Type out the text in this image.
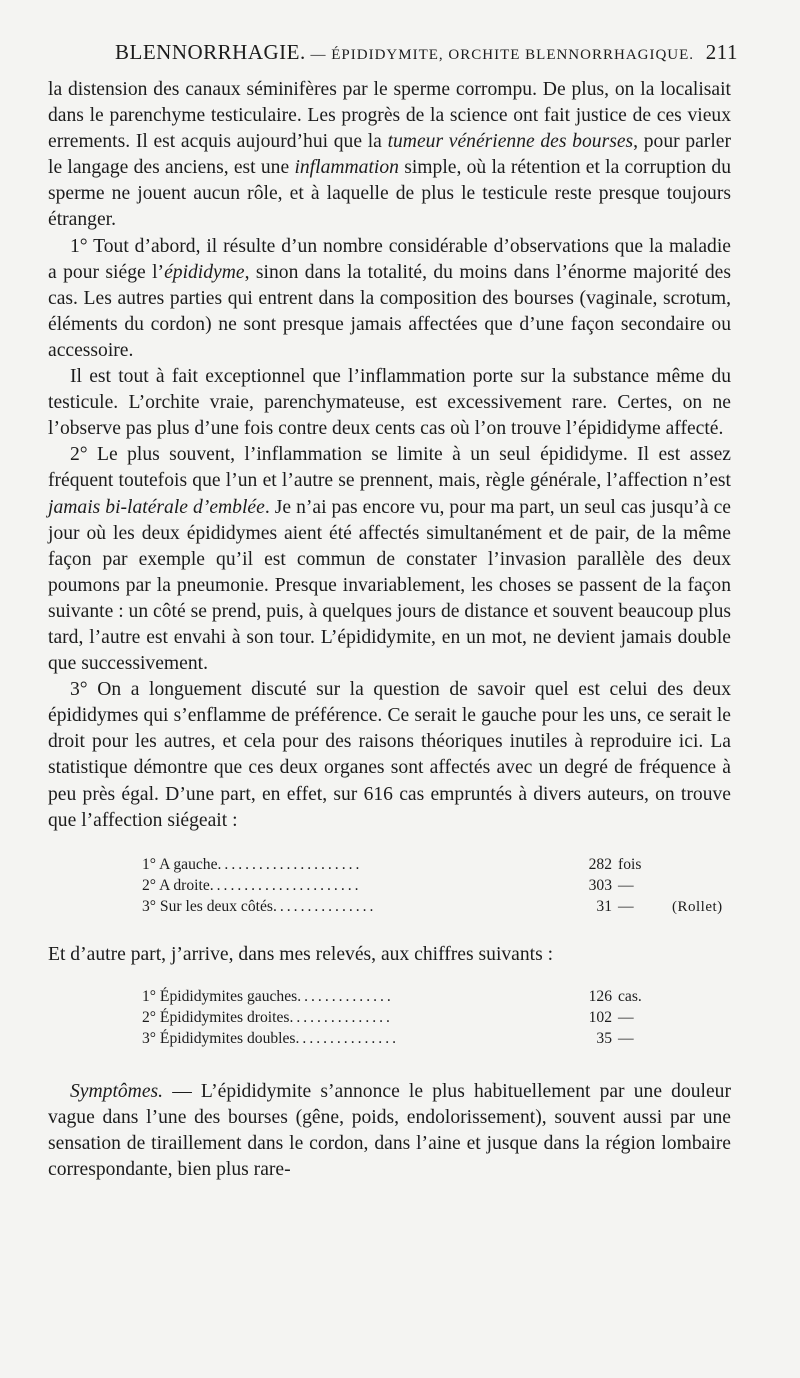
BLENNORRHAGIE. — ÉPIDIDYMITE, ORCHITE BLENNORRHAGIQUE. 211

la distension des canaux séminifères par le sperme corrompu. De plus, on la localisait dans le parenchyme testiculaire. Les progrès de la science ont fait justice de ces vieux errements. Il est acquis aujourd’hui que la tumeur vénérienne des bourses, pour parler le langage des anciens, est une inflammation simple, où la rétention et la corruption du sperme ne jouent aucun rôle, et à laquelle de plus le testicule reste presque toujours étranger.

1° Tout d’abord, il résulte d’un nombre considérable d’observations que la maladie a pour siége l’épididyme, sinon dans la totalité, du moins dans l’énorme majorité des cas. Les autres parties qui entrent dans la composition des bourses (vaginale, scrotum, éléments du cordon) ne sont presque jamais affectées que d’une façon secondaire ou accessoire.

Il est tout à fait exceptionnel que l’inflammation porte sur la substance même du testicule. L’orchite vraie, parenchymateuse, est excessivement rare. Certes, on ne l’observe pas plus d’une fois contre deux cents cas où l’on trouve l’épididyme affecté.

2° Le plus souvent, l’inflammation se limite à un seul épididyme. Il est assez fréquent toutefois que l’un et l’autre se prennent, mais, règle générale, l’affection n’est jamais bi-latérale d’emblée. Je n’ai pas encore vu, pour ma part, un seul cas jusqu’à ce jour où les deux épididymes aient été affectés simultanément et de pair, de la même façon par exemple qu’il est commun de constater l’invasion parallèle des deux poumons par la pneumonie. Presque invariablement, les choses se passent de la façon suivante : un côté se prend, puis, à quelques jours de distance et souvent beaucoup plus tard, l’autre est envahi à son tour. L’épididymite, en un mot, ne devient jamais double que successivement.

3° On a longuement discuté sur la question de savoir quel est celui des deux épididymes qui s’enflamme de préférence. Ce serait le gauche pour les uns, ce serait le droit pour les autres, et cela pour des raisons théoriques inutiles à reproduire ici. La statistique démontre que ces deux organes sont affectés avec un degré de fréquence à peu près égal. D’une part, en effet, sur 616 cas empruntés à divers auteurs, on trouve que l’affection siégeait :

1° A gauche.....................	282 fois
2° A droite......................	303 —
3° Sur les deux côtés...............	31 —	(Rollet)

Et d’autre part, j’arrive, dans mes relevés, aux chiffres suivants :

1° Épididymites gauches..............	126 cas.
2° Épididymites droites...............	102 —
3° Épididymites doubles...............	35 —

Symptômes. — L’épididymite s’annonce le plus habituellement par une douleur vague dans l’une des bourses (gêne, poids, endolorissement), souvent aussi par une sensation de tiraillement dans le cordon, dans l’aine et jusque dans la région lombaire correspondante, bien plus rare-
